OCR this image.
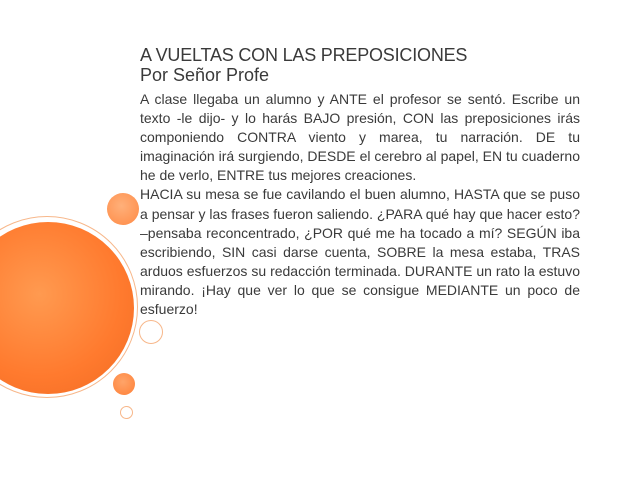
A VUELTAS CON LAS PREPOSICIONES
Por Señor Profe

A clase llegaba un alumno y ANTE el profesor se sentó. Escribe un texto -le dijo- y lo harás BAJO presión, CON las preposiciones irás componiendo CONTRA viento y marea, tu narración. DE tu imaginación irá surgiendo, DESDE el cerebro al papel, EN tu cuaderno he de verlo, ENTRE tus mejores creaciones.

HACIA su mesa se fue cavilando el buen alumno, HASTA que se puso a pensar y las frases fueron saliendo. ¿PARA qué hay que hacer esto? –pensaba reconcentrado, ¿POR qué me ha tocado a mí? SEGÚN iba escribiendo, SIN casi darse cuenta, SOBRE la mesa estaba, TRAS arduos esfuerzos su redacción terminada. DURANTE un rato la estuvo mirando. ¡Hay que ver lo que se consigue MEDIANTE un poco de esfuerzo!
